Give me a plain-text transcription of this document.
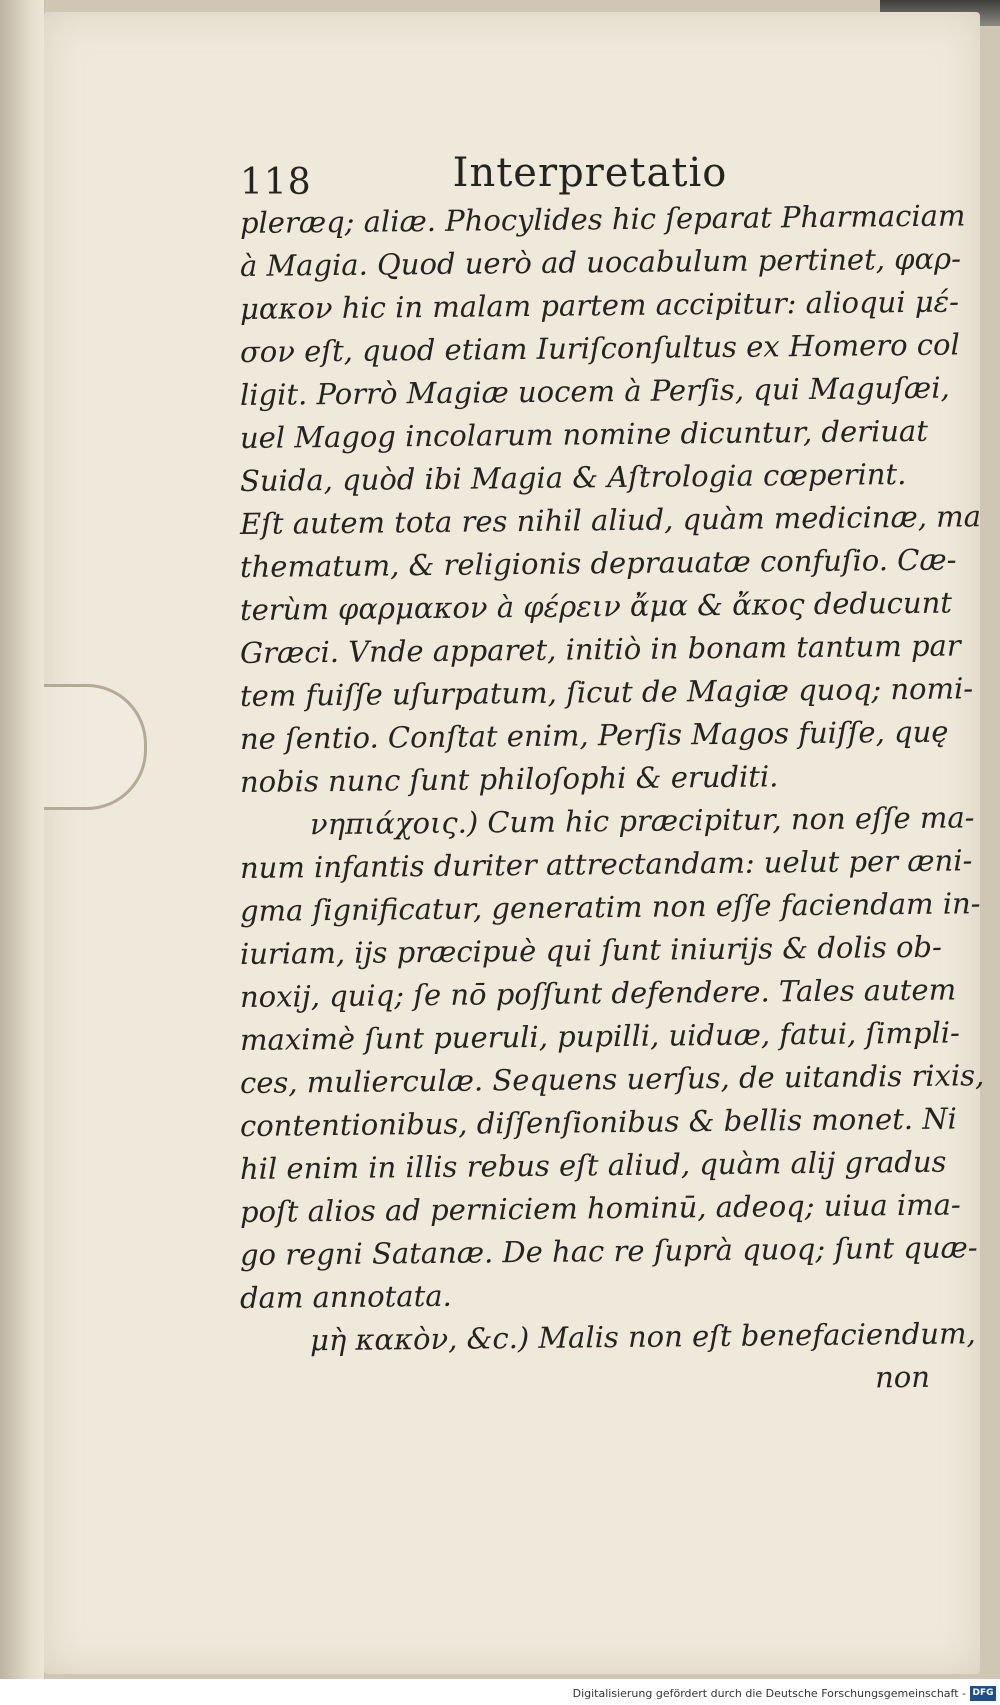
118	Interpretatio
pleræq; aliæ. Phocylides hic ſeparat Pharmaciam
à Magia. Quod uerò ad uocabulum pertinet, φαρ-
μακον hic in malam partem accipitur: alioqui μέ-
σον eſt, quod etiam Iuriſconſultus ex Homero col
ligit. Porrò Magiæ uocem à Perſis, qui Maguſæi,
uel Magog incolarum nomine dicuntur, deriuat
Suida, quòd ibi Magia & Aſtrologia cœperint.
Eſt autem tota res nihil aliud, quàm medicinæ, ma
thematum, & religionis deprauatæ confuſio. Cæ-
terùm φαρμακον à φέρειν ἄμα & ἄκος deducunt
Græci. Vnde apparet, initiò in bonam tantum par
tem fuiſſe uſurpatum, ſicut de Magiæ quoq; nomi-
ne ſentio. Conſtat enim, Perſis Magos fuiſſe, quę
nobis nunc ſunt philoſophi & eruditi.
νηπιάχοις.) Cum hic præcipitur, non eſſe ma-
num infantis duriter attrectandam: uelut per æni-
gma ſignificatur, generatim non eſſe faciendam in-
iuriam, ijs præcipuè qui ſunt iniurijs & dolis ob-
noxij, quiq; ſe nō poſſunt defendere. Tales autem
maximè ſunt pueruli, pupilli, uiduæ, fatui, ſimpli-
ces, mulierculæ. Sequens uerſus, de uitandis rixis,
contentionibus, diſſenſionibus & bellis monet. Ni
hil enim in illis rebus eſt aliud, quàm alij gradus
poſt alios ad perniciem hominū, adeoq; uiua ima-
go regni Satanæ. De hac re ſuprà quoq; ſunt quæ-
dam annotata.
μὴ κακὸν, &c.) Malis non eſt benefaciendum,
non
Digitalisierung gefördert durch die Deutsche Forschungsgemeinschaft - DFG
